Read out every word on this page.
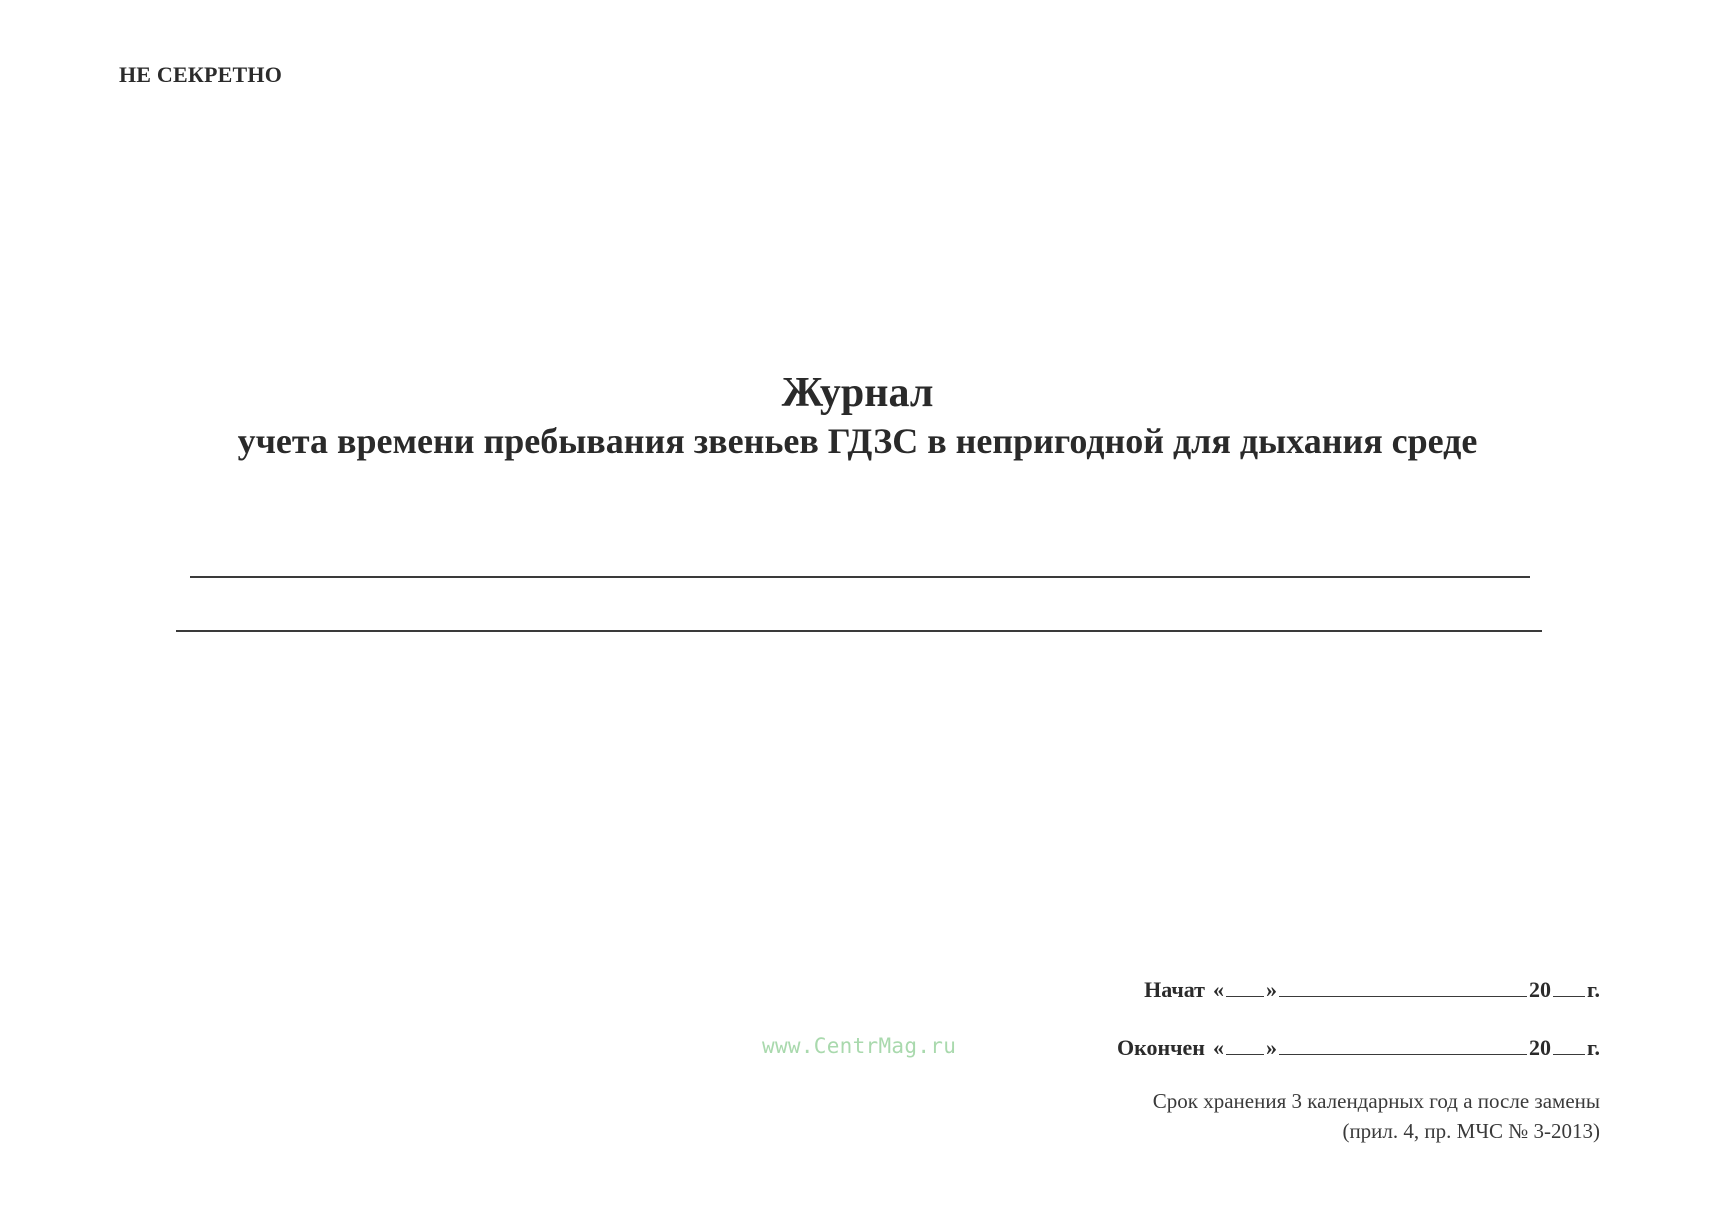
НЕ СЕКРЕТНО
Журнал
учета времени пребывания звеньев ГДЗС в непригодной для дыхания среде
Начат « »	20 г.
Окончен « »	20 г.
www.CentrMag.ru
Срок хранения 3 календарных год а после замены
(прил. 4, пр. МЧС № 3-2013)
